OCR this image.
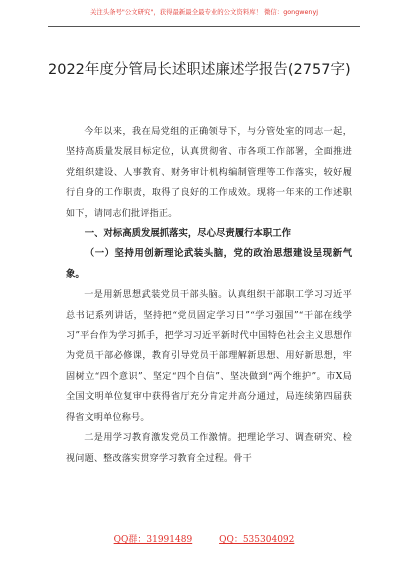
关注头条号"公文研究"，获得最新最全最专业的公文资料库！ 微信：gongwenyj
2022年度分管局长述职述廉述学报告(2757字)

今年以来，我在局党组的正确领导下，与分管处室的同志一起，坚持高质量发展目标定位，认真贯彻省、市各项工作部署，全面推进党组织建设、人事教育、财务审计机构编制管理等工作落实，较好履行自身的工作职责，取得了良好的工作成效。现将一年来的工作述职如下，请同志们批评指正。

一、对标高质发展抓落实，尽心尽责履行本职工作

（一）坚持用创新理论武装头脑，党的政治思想建设呈现新气象。

一是用新思想武装党员干部头脑。认真组织干部职工学习习近平总书记系列讲话，坚持把“党员固定学习日”“学习强国”“干部在线学习”平台作为学习抓手，把学习习近平新时代中国特色社会主义思想作为党员干部必修课，教育引导党员干部理解新思想、用好新思想，牢固树立“四个意识”、坚定“四个自信”、坚决做到“两个维护”。市X局全国文明单位复审中获得省厅充分肯定并高分通过，局连续第四届获得省文明单位称号。

二是用学习教育激发党员工作激情。把理论学习、调查研究、检视问题、整改落实贯穿学习教育全过程。骨干

QQ群：31991489	QQ：535304092
